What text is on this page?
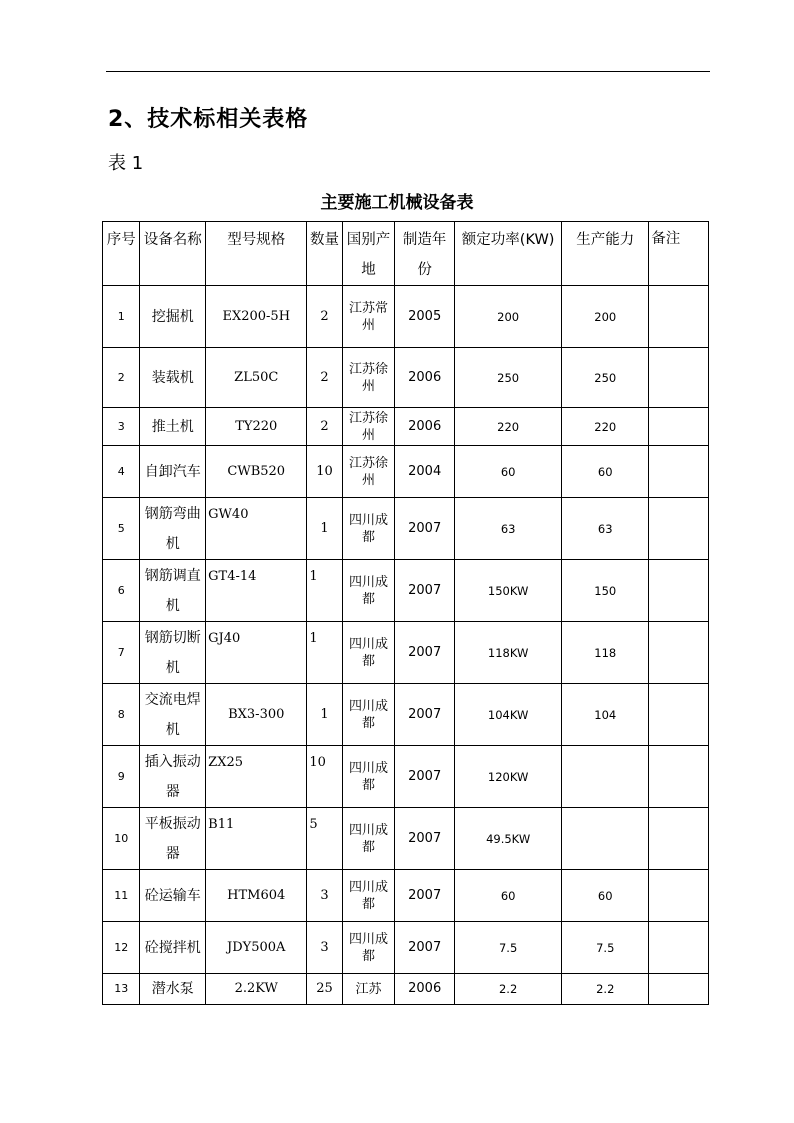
2、技术标相关表格
表 1
主要施工机械设备表
序号	设备名称	型号规格	数量	国别产地	制造年份	额定功率(KW)	生产能力	备注
1	挖掘机	EX200-5H	2	江苏常州	2005	200	200	
2	装载机	ZL50C	2	江苏徐州	2006	250	250	
3	推土机	TY220	2	江苏徐州	2006	220	220	
4	自卸汽车	CWB520	10	江苏徐州	2004	60	60	
5	钢筋弯曲机	GW40	1	四川成都	2007	63	63	
6	钢筋调直机	GT4-14	1	四川成都	2007	150KW	150	
7	钢筋切断机	GJ40	1	四川成都	2007	118KW	118	
8	交流电焊机	BX3-300	1	四川成都	2007	104KW	104	
9	插入振动器	ZX25	10	四川成都	2007	120KW		
10	平板振动器	B11	5	四川成都	2007	49.5KW		
11	砼运输车	HTM604	3	四川成都	2007	60	60	
12	砼搅拌机	JDY500A	3	四川成都	2007	7.5	7.5	
13	潜水泵	2.2KW	25	江苏	2006	2.2	2.2	
